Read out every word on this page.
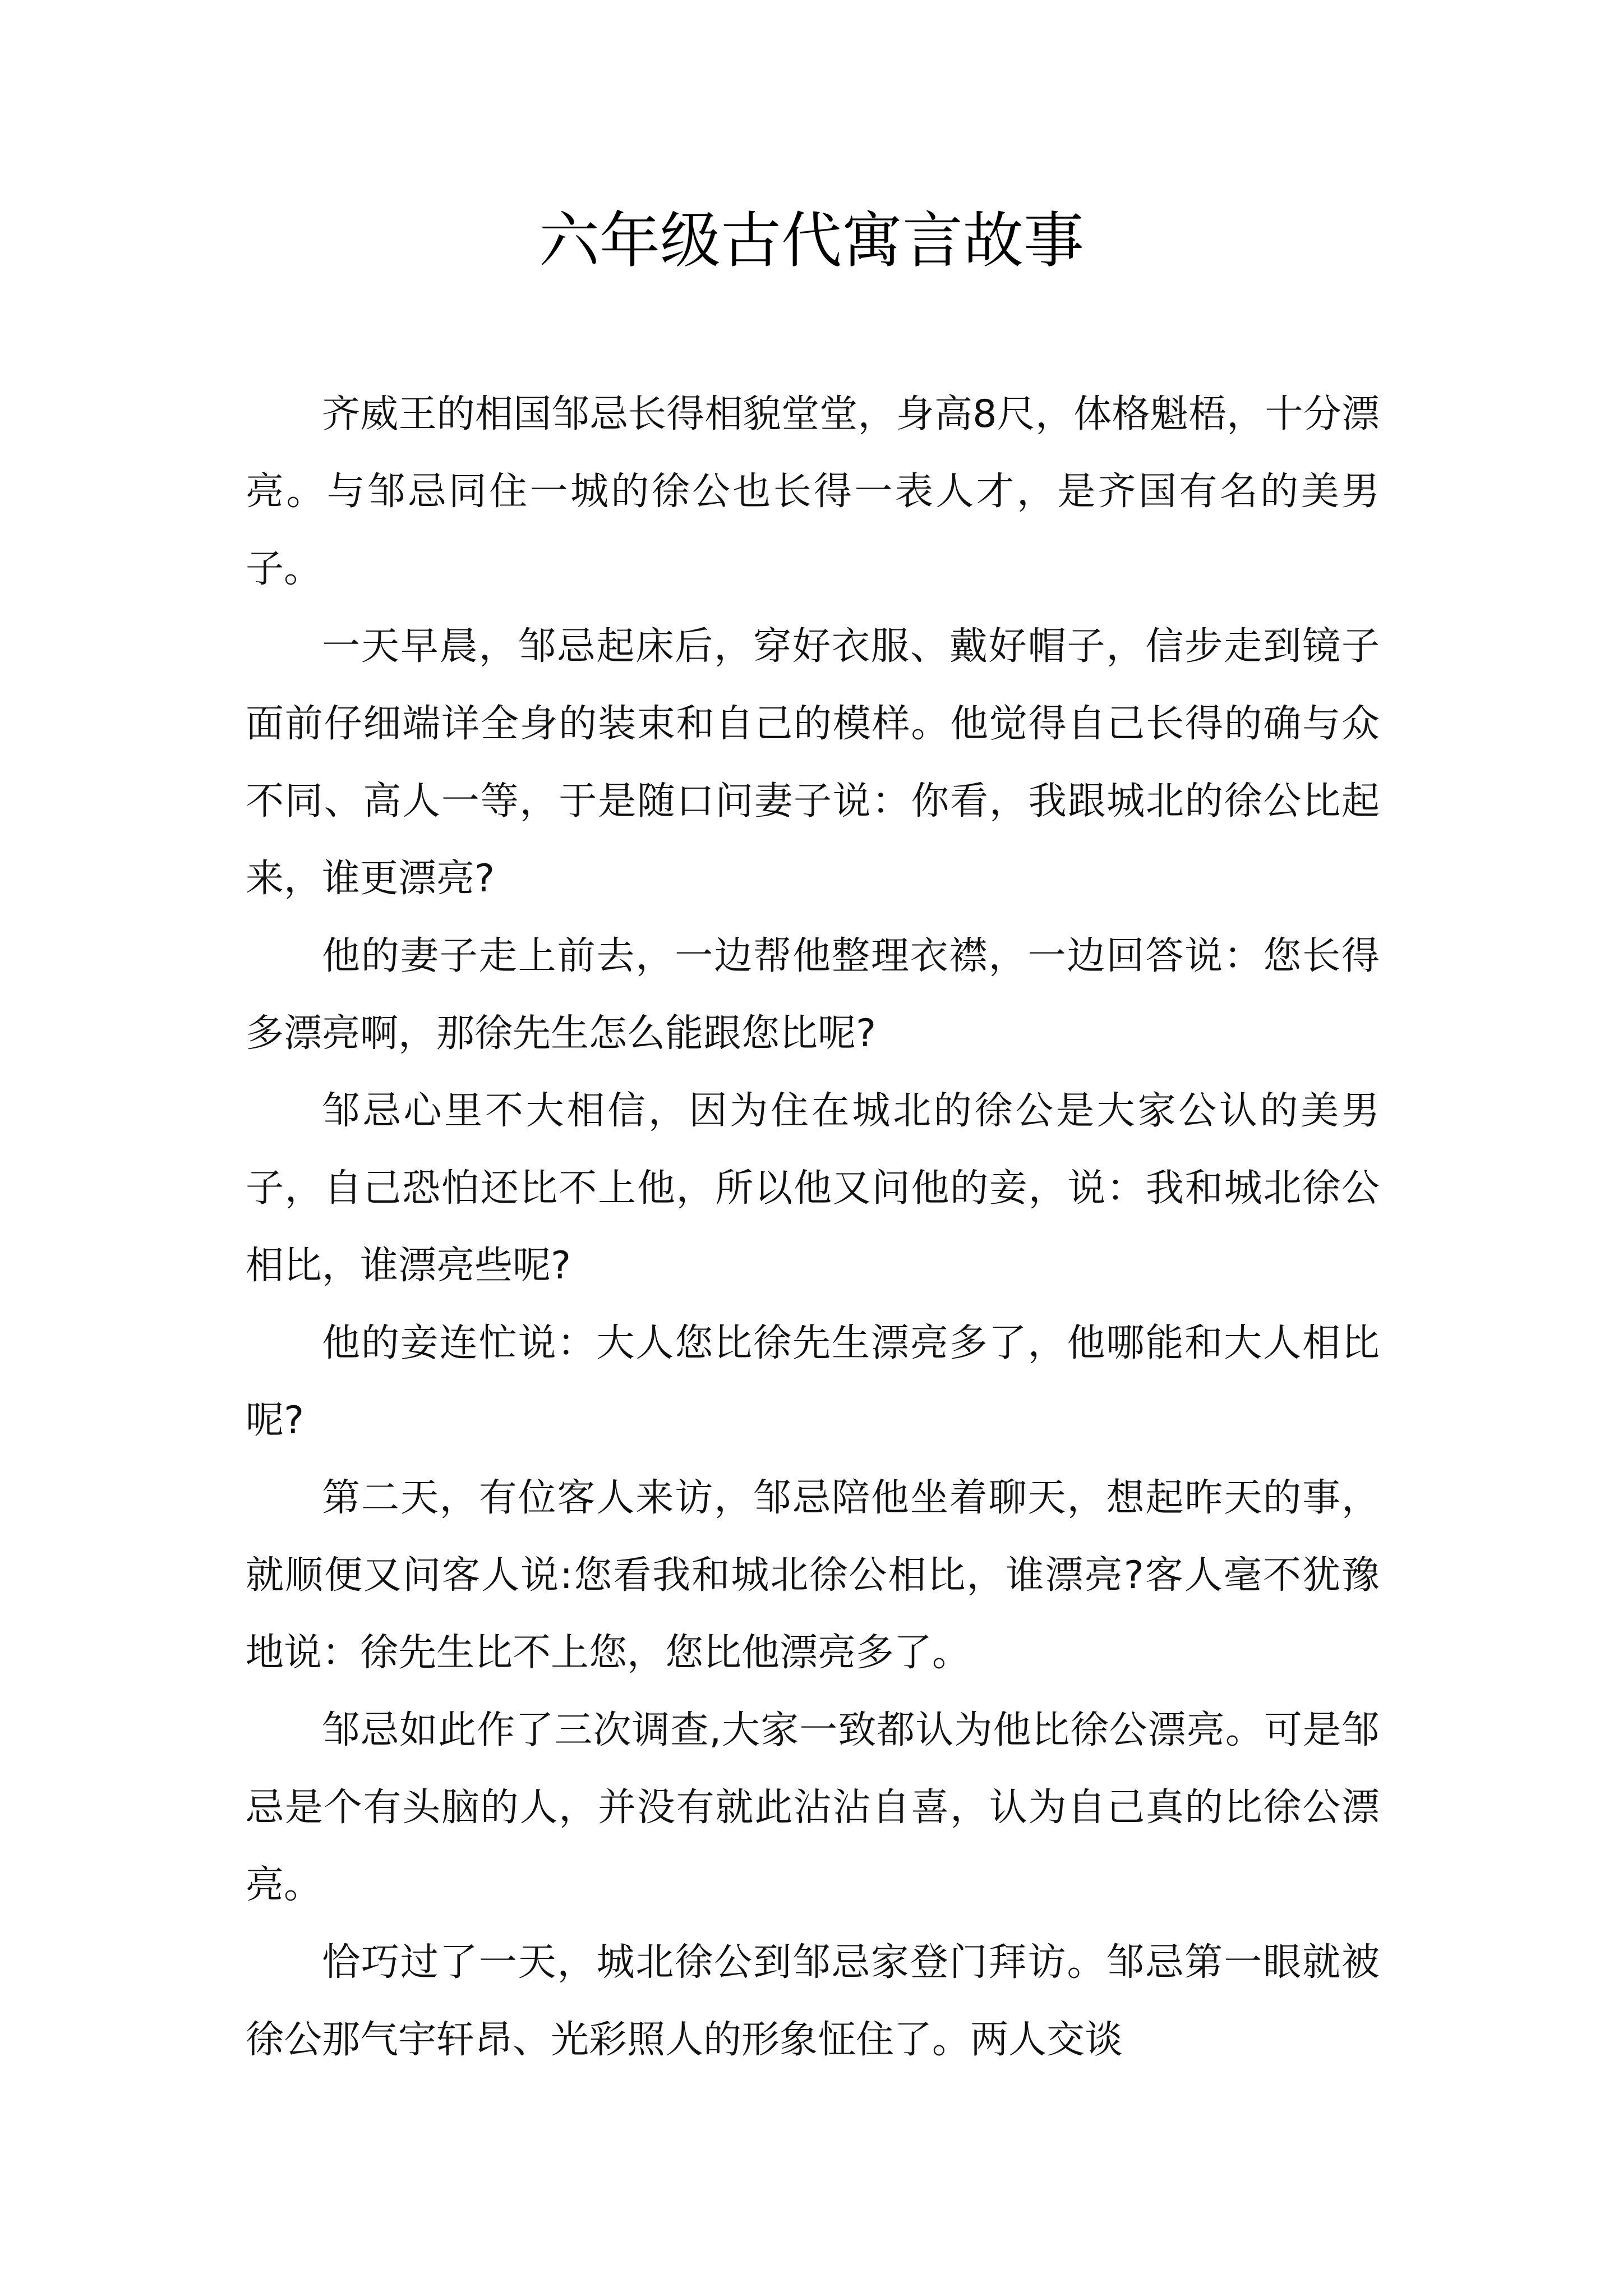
六年级古代寓言故事

齐威王的相国邹忌长得相貌堂堂，身高8尺，体格魁梧，十分漂亮。与邹忌同住一城的徐公也长得一表人才，是齐国有名的美男子。

一天早晨，邹忌起床后，穿好衣服、戴好帽子，信步走到镜子面前仔细端详全身的装束和自己的模样。他觉得自己长得的确与众不同、高人一等，于是随口问妻子说：你看，我跟城北的徐公比起来，谁更漂亮?

他的妻子走上前去，一边帮他整理衣襟，一边回答说：您长得多漂亮啊，那徐先生怎么能跟您比呢?

邹忌心里不大相信，因为住在城北的徐公是大家公认的美男子，自己恐怕还比不上他，所以他又问他的妾，说：我和城北徐公相比，谁漂亮些呢?

他的妾连忙说：大人您比徐先生漂亮多了，他哪能和大人相比呢?

第二天，有位客人来访，邹忌陪他坐着聊天，想起昨天的事，就顺便又问客人说:您看我和城北徐公相比，谁漂亮?客人毫不犹豫地说：徐先生比不上您，您比他漂亮多了。

邹忌如此作了三次调查,大家一致都认为他比徐公漂亮。可是邹忌是个有头脑的人，并没有就此沾沾自喜，认为自己真的比徐公漂亮。

恰巧过了一天，城北徐公到邹忌家登门拜访。邹忌第一眼就被徐公那气宇轩昂、光彩照人的形象怔住了。两人交谈
